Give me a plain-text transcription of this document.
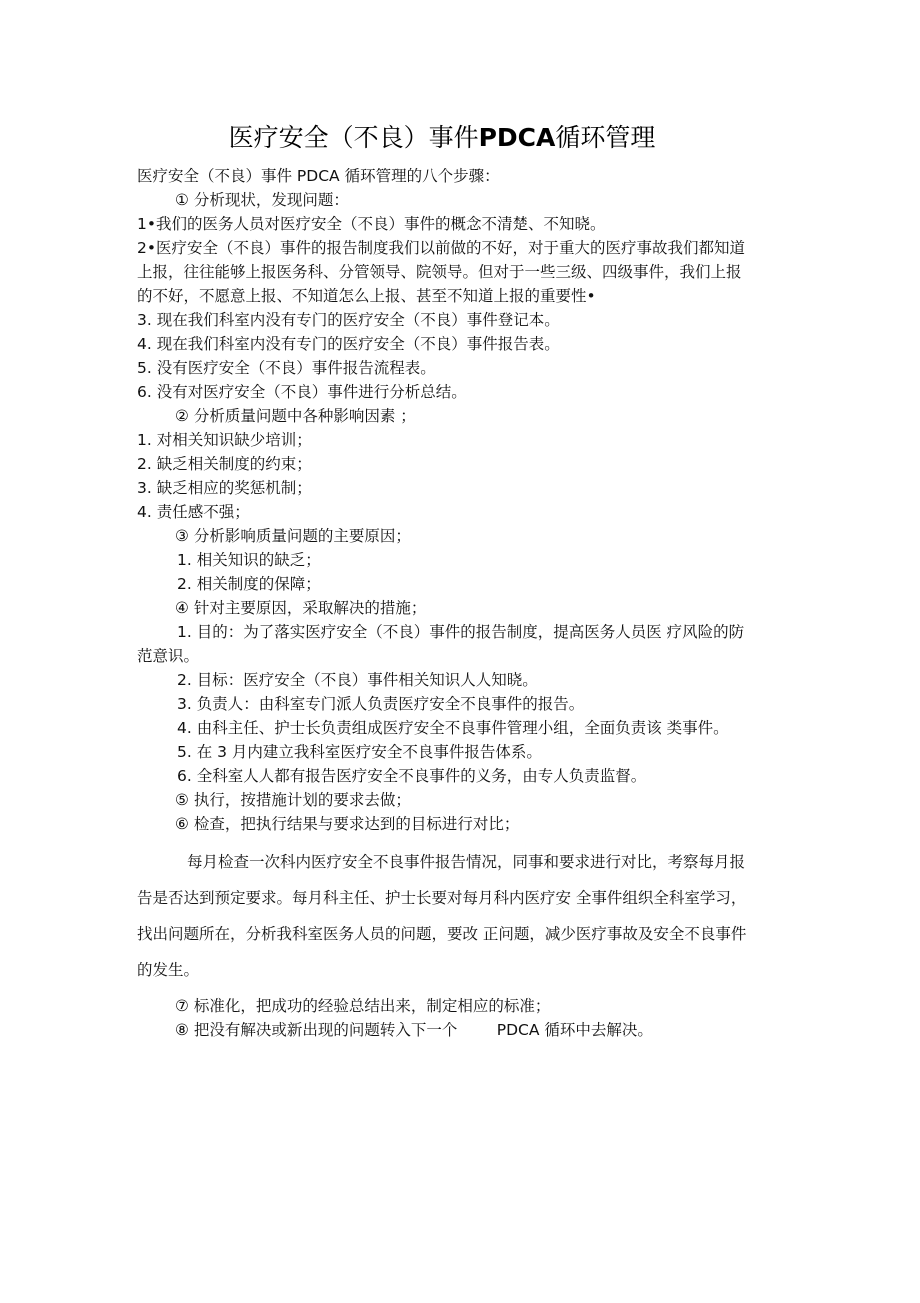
医疗安全（不良）事件PDCA循环管理

医疗安全（不良）事件 PDCA 循环管理的八个步骤：

① 分析现状，发现问题：

1•我们的医务人员对医疗安全（不良）事件的概念不清楚、不知晓。

2•医疗安全（不良）事件的报告制度我们以前做的不好，对于重大的医疗事故我们都知道上报，往往能够上报医务科、分管领导、院领导。但对于一些三级、四级事件，我们上报的不好，不愿意上报、不知道怎么上报、甚至不知道上报的重要性•

3. 现在我们科室内没有专门的医疗安全（不良）事件登记本。

4. 现在我们科室内没有专门的医疗安全（不良）事件报告表。

5. 没有医疗安全（不良）事件报告流程表。

6. 没有对医疗安全（不良）事件进行分析总结。

② 分析质量问题中各种影响因素 ；

1. 对相关知识缺少培训；

2. 缺乏相关制度的约束；

3. 缺乏相应的奖惩机制；

4. 责任感不强；

③ 分析影响质量问题的主要原因；

1. 相关知识的缺乏；

2. 相关制度的保障；

④ 针对主要原因，采取解决的措施；

1. 目的：为了落实医疗安全（不良）事件的报告制度，提高医务人员医 疗风险的防范意识。

2. 目标：医疗安全（不良）事件相关知识人人知晓。

3. 负责人：由科室专门派人负责医疗安全不良事件的报告。

4. 由科主任、护士长负责组成医疗安全不良事件管理小组，全面负责该 类事件。

5. 在 3 月内建立我科室医疗安全不良事件报告体系。

6. 全科室人人都有报告医疗安全不良事件的义务，由专人负责监督。

⑤ 执行，按措施计划的要求去做；

⑥ 检查，把执行结果与要求达到的目标进行对比；

每月检查一次科内医疗安全不良事件报告情况，同事和要求进行对比，考察每月报告是否达到预定要求。每月科主任、护士长要对每月科内医疗安 全事件组织全科室学习，找出问题所在，分析我科室医务人员的问题，要改 正问题，减少医疗事故及安全不良事件的发生。

⑦ 标准化，把成功的经验总结出来，制定相应的标准；

⑧ 把没有解决或新出现的问题转入下一个        PDCA 循环中去解决。
